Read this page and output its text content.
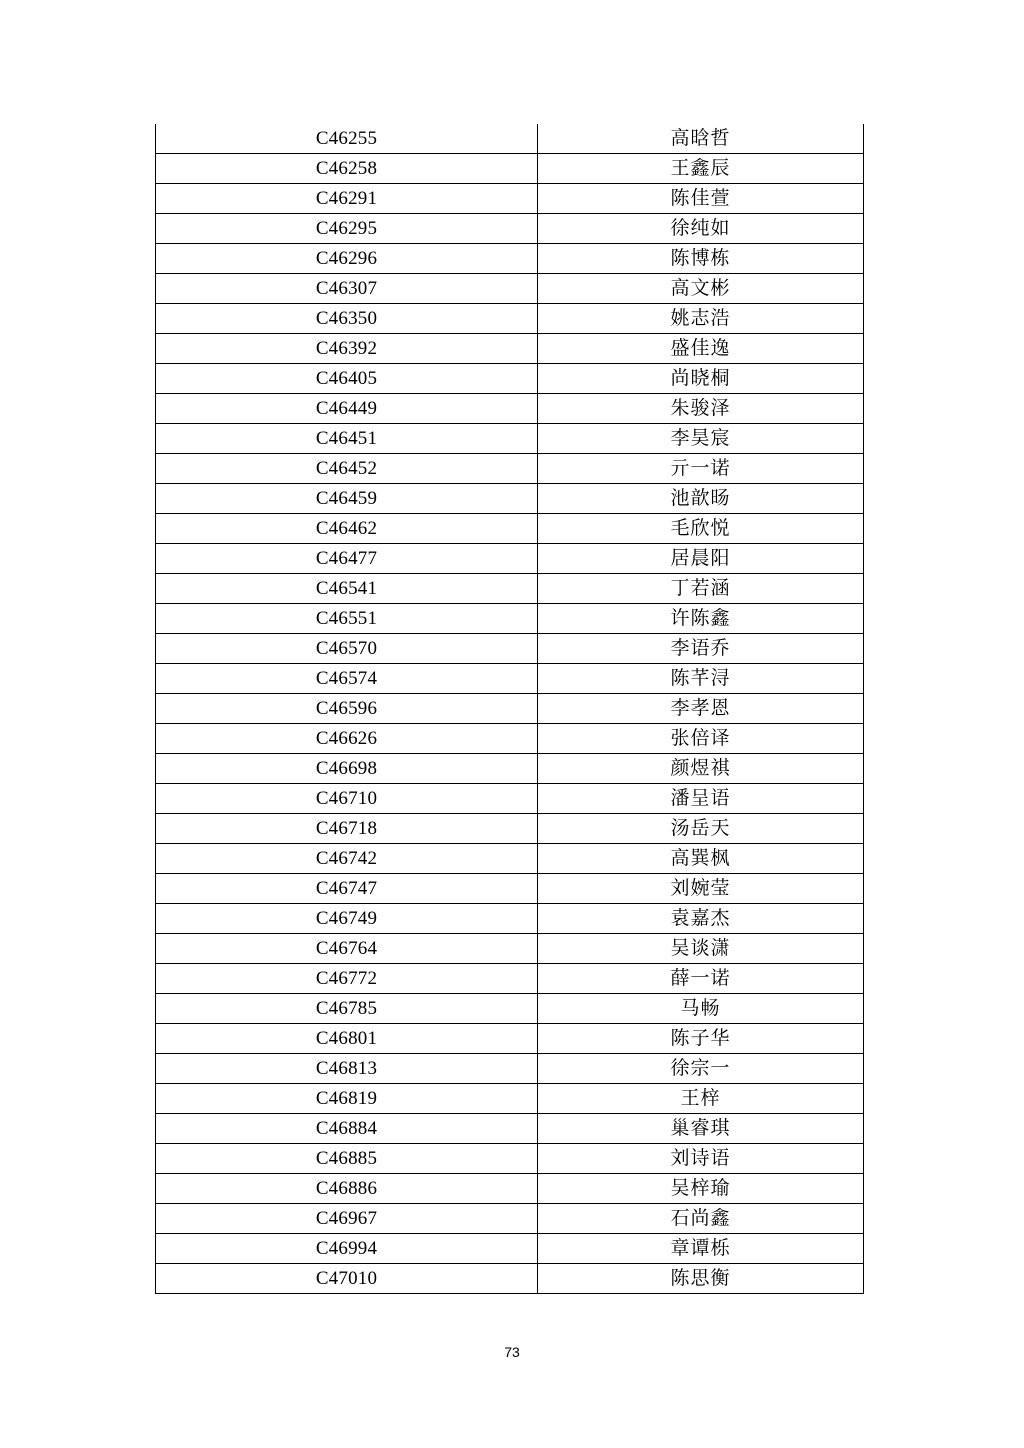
C46255	高晗哲
C46258	王鑫辰
C46291	陈佳萱
C46295	徐纯如
C46296	陈博栋
C46307	高文彬
C46350	姚志浩
C46392	盛佳逸
C46405	尚晓桐
C46449	朱骏泽
C46451	李昊宸
C46452	亓一诺
C46459	池歆旸
C46462	毛欣悦
C46477	居晨阳
C46541	丁若涵
C46551	许陈鑫
C46570	李语乔
C46574	陈芊浔
C46596	李孝恩
C46626	张倍译
C46698	颜煜祺
C46710	潘呈语
C46718	汤岳天
C46742	高巽枫
C46747	刘婉莹
C46749	袁嘉杰
C46764	吴谈潇
C46772	薛一诺
C46785	马畅
C46801	陈子华
C46813	徐宗一
C46819	王梓
C46884	巢睿琪
C46885	刘诗语
C46886	吴梓瑜
C46967	石尚鑫
C46994	章谭栎
C47010	陈思衡
73
